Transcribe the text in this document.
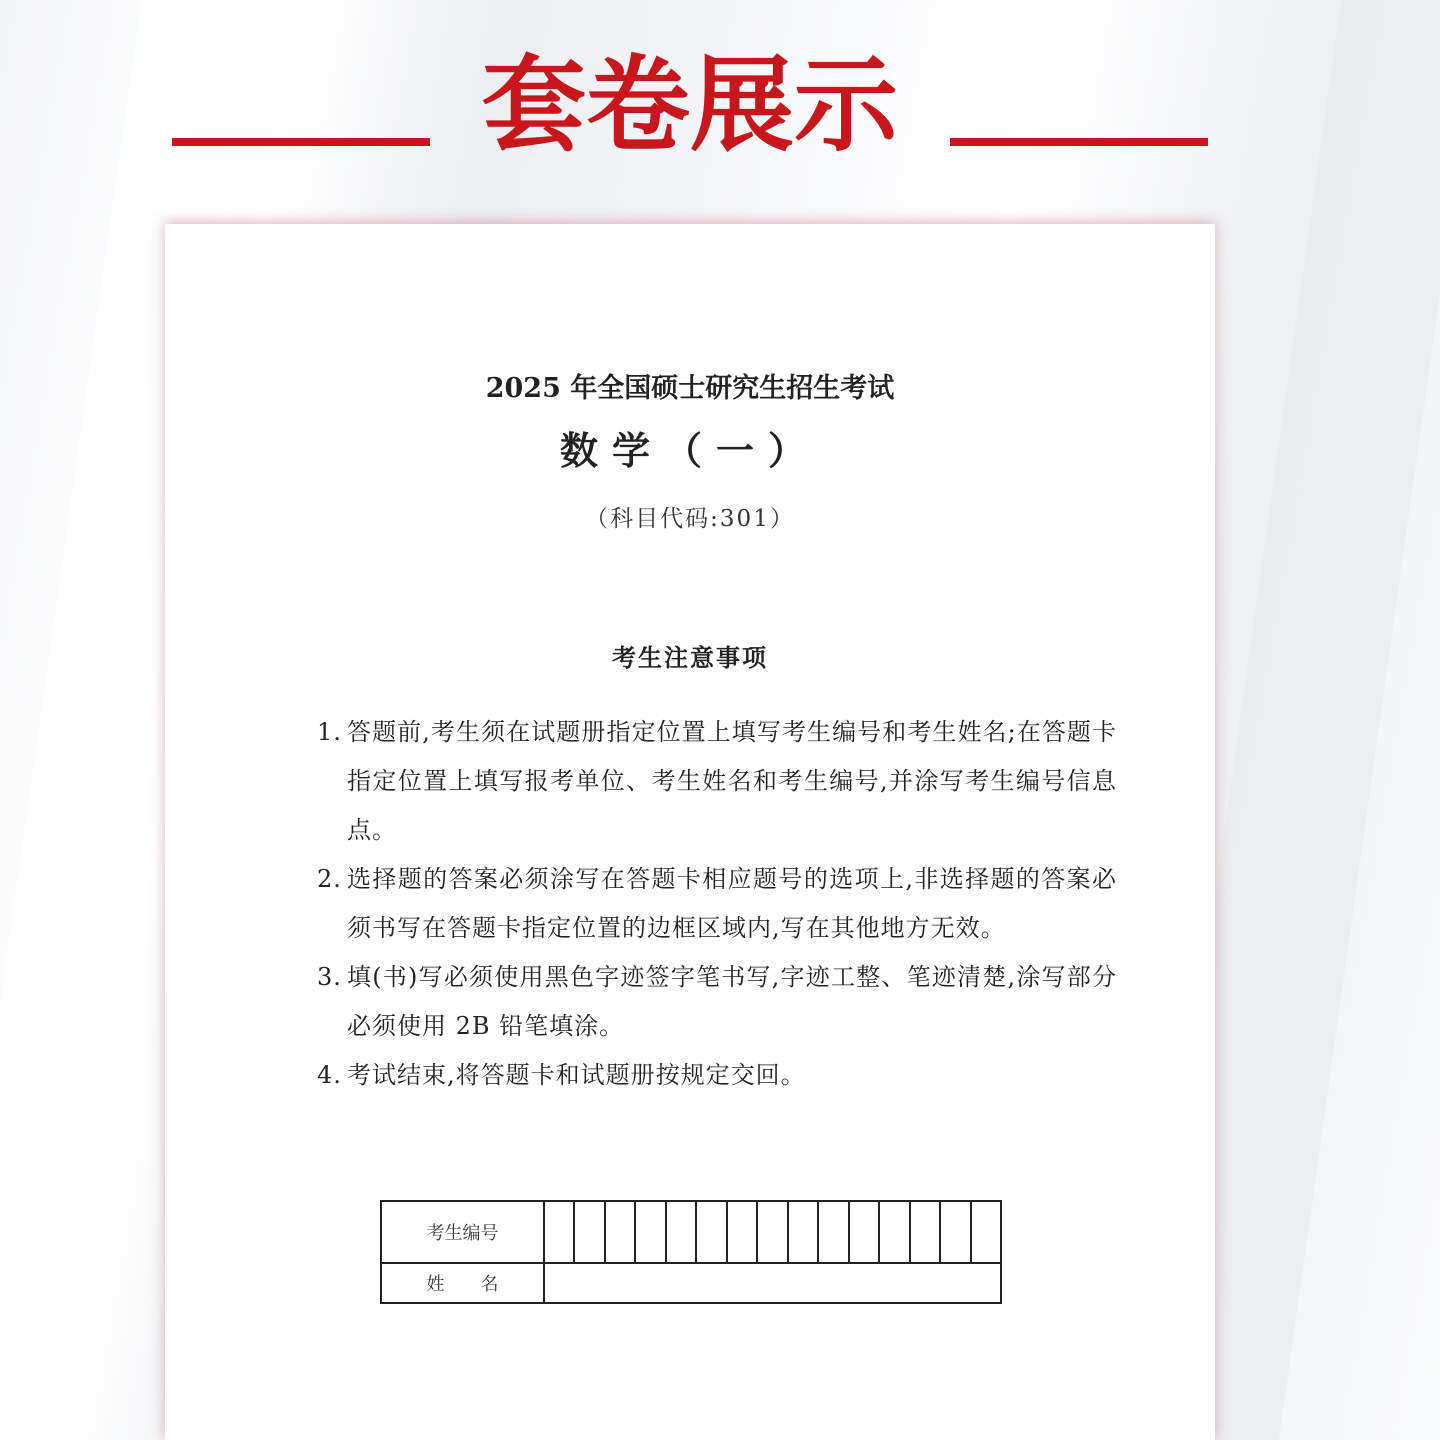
套卷展示
2025 年全国硕士研究生招生考试
数学（一）
（科目代码:301）
考生注意事项
1. 答题前,考生须在试题册指定位置上填写考生编号和考生姓名;在答题卡指定位置上填写报考单位、考生姓名和考生编号,并涂写考生编号信息点。
2. 选择题的答案必须涂写在答题卡相应题号的选项上,非选择题的答案必须书写在答题卡指定位置的边框区域内,写在其他地方无效。
3. 填(书)写必须使用黑色字迹签字笔书写,字迹工整、笔迹清楚,涂写部分必须使用 2B 铅笔填涂。
4. 考试结束,将答题卡和试题册按规定交回。
考生编号
姓　　名
